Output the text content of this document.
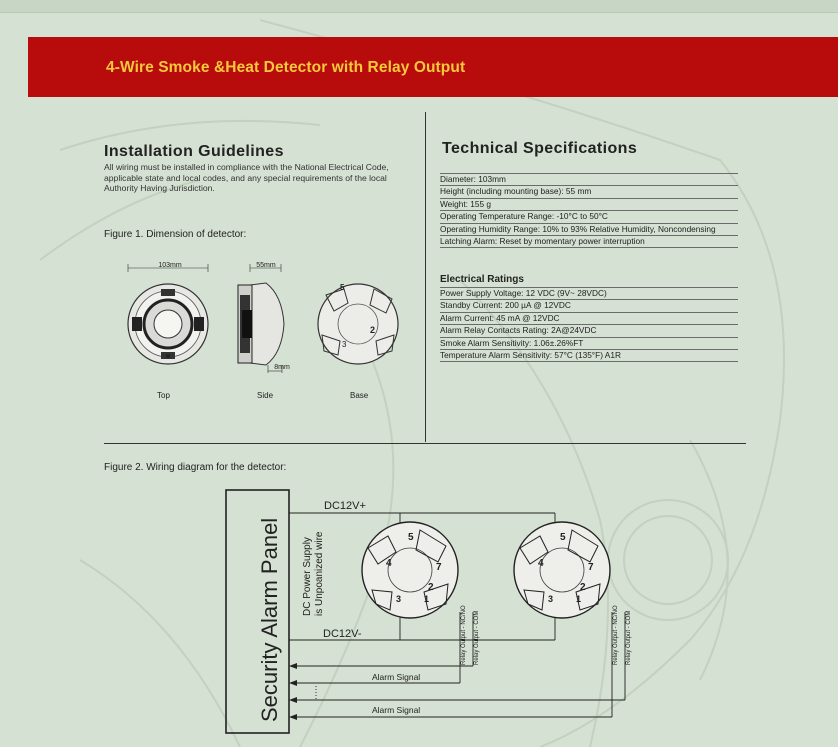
4-Wire Smoke &Heat Detector with Relay Output
Installation Guidelines
All wiring must be installed in compliance with the National Electrical Code, applicable state and local codes, and any special requirements of the local Authority Having Jurisdiction.
Figure 1. Dimension of detector:
5
2
3
103mm	55mm
8mm
Top	Side	Base
Technical Specifications
Diameter: 103mm
Height (including mounting base): 55 mm
Weight: 155 g
Operating Temperature Range: -10°C to 50°C
Operating Humidity Range: 10% to 93% Relative Humidity, Noncondensing
Latching Alarm: Reset by momentary power interruption
Electrical Ratings
Power Supply Voltage: 12 VDC (9V~ 28VDC)
Standby Current: 200 µA @ 12VDC
Alarm Current: 45 mA @ 12VDC
Alarm Relay Contacts Rating: 2A@24VDC
Smoke Alarm Sensitivity: 1.06±.26%FT
Temperature Alarm Sensitivity: 57°C (135°F) A1R
Figure 2. Wiring diagram for the detector:
Security Alarm Panel DC Power Supply is Unpoanized wire
DC12V+
DC12V-
Alarm Signal
Alarm Signal
5
4	7
2
3	1
5
4	7
2
3	1
Relay Output - NC/NO Relay Output - COM	Relay Output - NC/NO Relay Output - COM
